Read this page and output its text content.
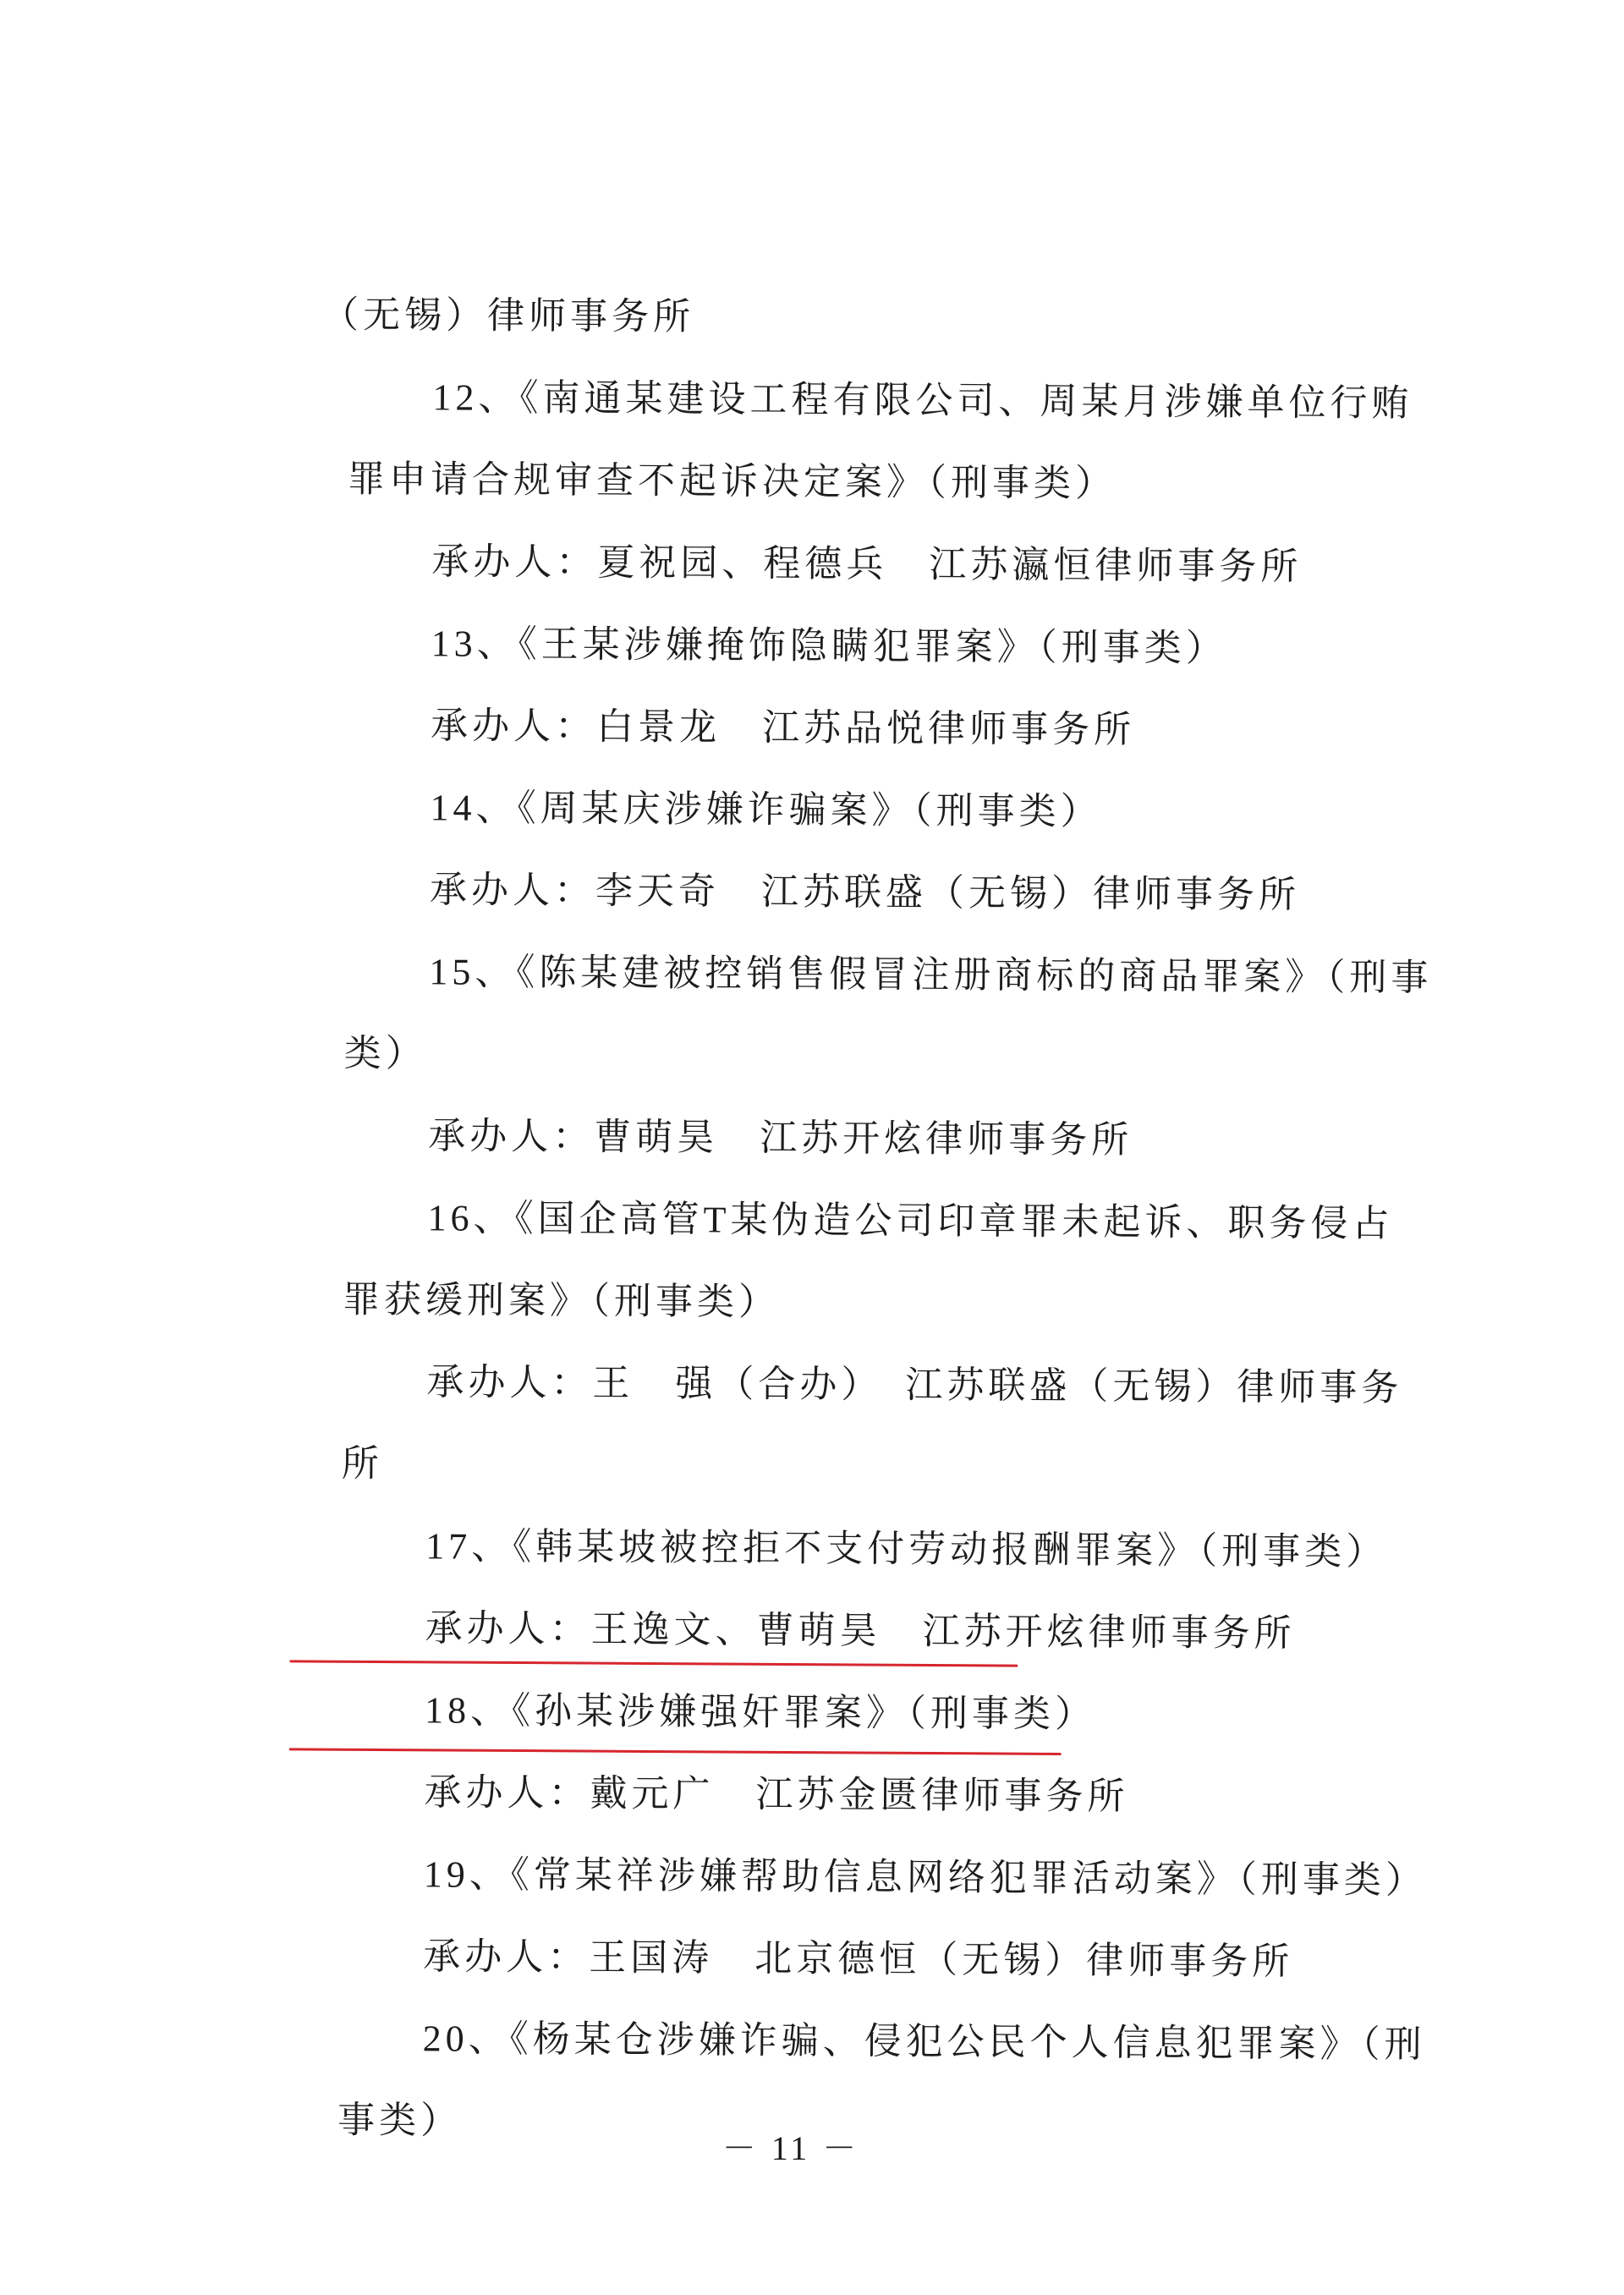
（无锡）律师事务所

12、《南通某建设工程有限公司、周某月涉嫌单位行贿

罪申请合规审查不起诉决定案》（刑事类）

承办人：夏祝园、程德兵　江苏瀛恒律师事务所

13、《王某涉嫌掩饰隐瞒犯罪案》（刑事类）

承办人：白景龙　江苏品悦律师事务所

14、《周某庆涉嫌诈骗案》（刑事类）

承办人：李天奇　江苏联盛（无锡）律师事务所

15、《陈某建被控销售假冒注册商标的商品罪案》（刑事

类）

承办人：曹萌昊　江苏开炫律师事务所

16、《国企高管T某伪造公司印章罪未起诉、职务侵占

罪获缓刑案》（刑事类）

承办人：王　强（合办）　江苏联盛（无锡）律师事务

所

17、《韩某坡被控拒不支付劳动报酬罪案》（刑事类）

承办人：王逸文、曹萌昊　江苏开炫律师事务所

18、《孙某涉嫌强奸罪案》（刑事类）

承办人：戴元广　江苏金匮律师事务所

19、《常某祥涉嫌帮助信息网络犯罪活动案》（刑事类）

承办人：王国涛　北京德恒（无锡）律师事务所

20、《杨某仓涉嫌诈骗、侵犯公民个人信息犯罪案》（刑

事类）

－ 11 －
